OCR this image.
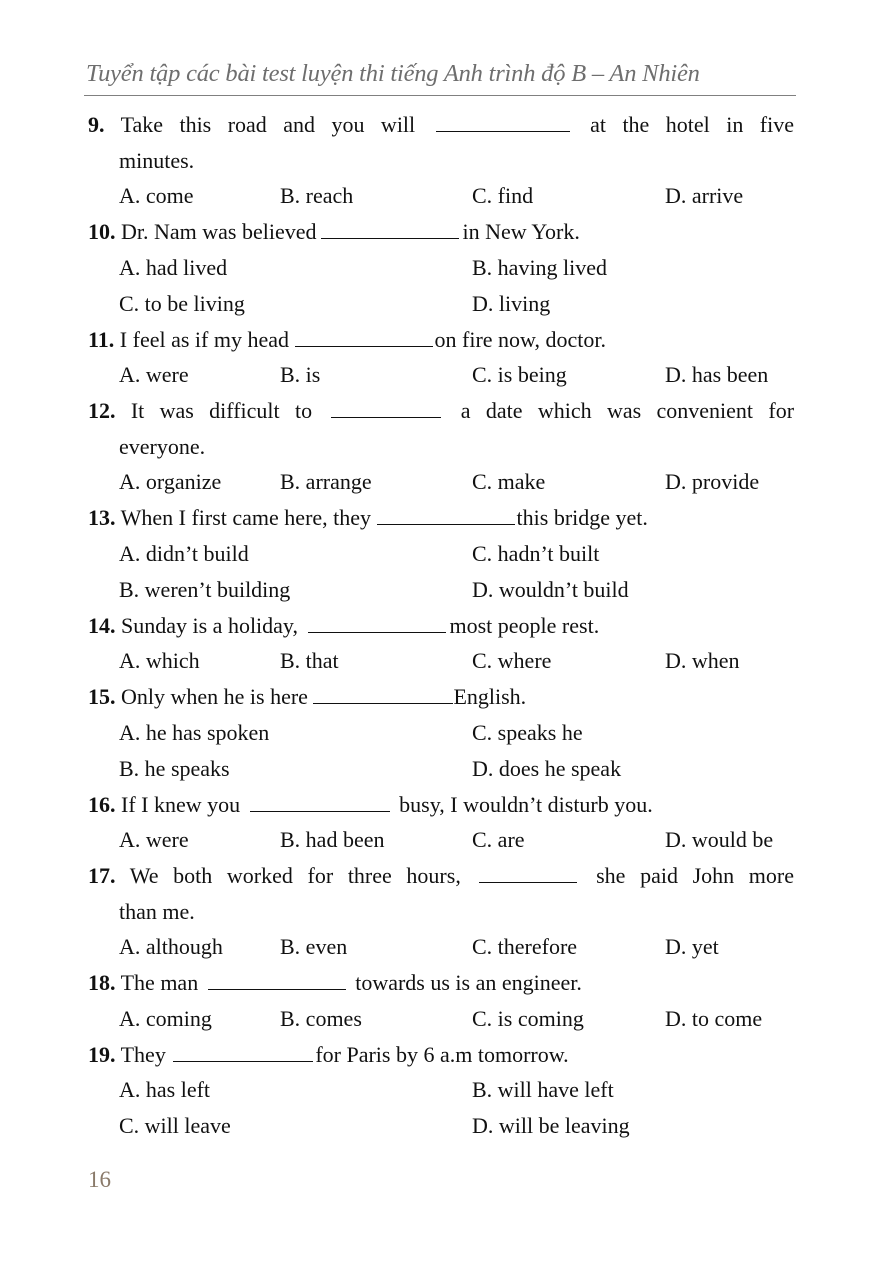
Tuyển tập các bài test luyện thi tiếng Anh trình độ B – An Nhiên
9. Take this road and you will	at the hotel in five
minutes.
A. come	B. reach	C. find	D. arrive
10. Dr. Nam was believed	in New York.
A. had lived	B. having lived
C. to be living	D. living
11. I feel as if my head	on fire now, doctor.
A. were	B. is	C. is being	D. has been
12. It was difficult to	a date which was convenient for
everyone.
A. organize	B. arrange	C. make	D. provide
13. When I first came here, they	this bridge yet.
A. didn’t build	C. hadn’t built
B. weren’t building	D. wouldn’t build
14. Sunday is a holiday,	most people rest.
A. which	B. that	C. where	D. when
15. Only when he is here	English.
A. he has spoken	C. speaks he
B. he speaks	D. does he speak
16. If I knew you	busy, I wouldn’t disturb you.
A. were	B. had been	C. are	D. would be
17. We both worked for three hours,	she paid John more
than me.
A. although	B. even	C. therefore	D. yet
18. The man	towards us is an engineer.
A. coming	B. comes	C. is coming	D. to come
19. They	for Paris by 6 a.m tomorrow.
A. has left	B. will have left
C. will leave	D. will be leaving
16
